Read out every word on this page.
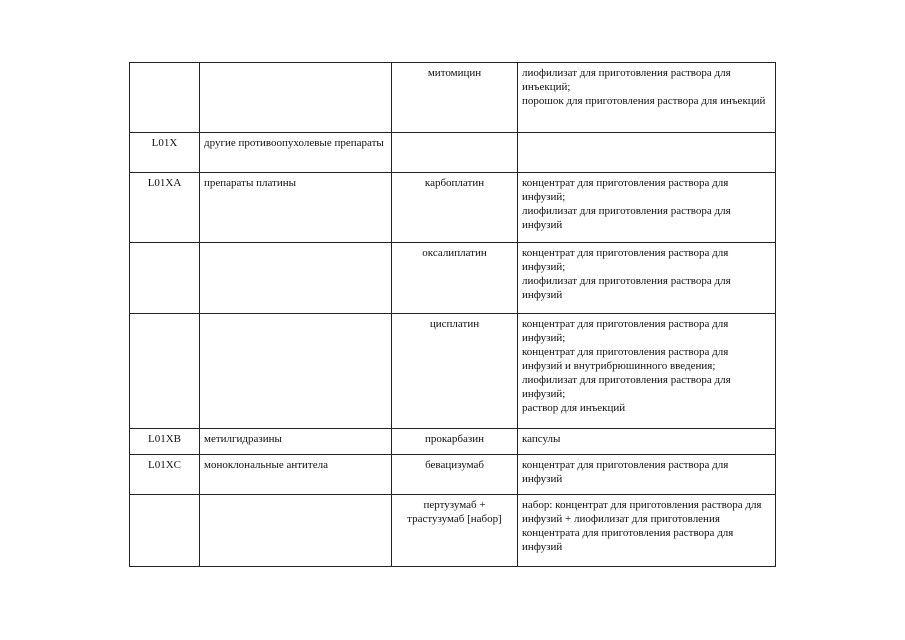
		митомицин	лиофилизат для приготовления раствора для инъекций;
порошок для приготовления раствора для инъекций
L01X	другие противоопухолевые препараты		
L01XA	препараты платины	карбоплатин	концентрат для приготовления раствора для инфузий;
лиофилизат для приготовления раствора для инфузий
		оксалиплатин	концентрат для приготовления раствора для инфузий;
лиофилизат для приготовления раствора для инфузий
		цисплатин	концентрат для приготовления раствора для инфузий;
концентрат для приготовления раствора для инфузий и внутрибрюшинного введения;
лиофилизат для приготовления раствора для инфузий;
раствор для инъекций
L01XB	метилгидразины	прокарбазин	капсулы
L01XC	моноклональные антитела	бевацизумаб	концентрат для приготовления раствора для инфузий
		пертузумаб + трастузумаб [набор]	набор: концентрат для приготовления раствора для инфузий + лиофилизат для приготовления концентрата для приготовления раствора для инфузий
